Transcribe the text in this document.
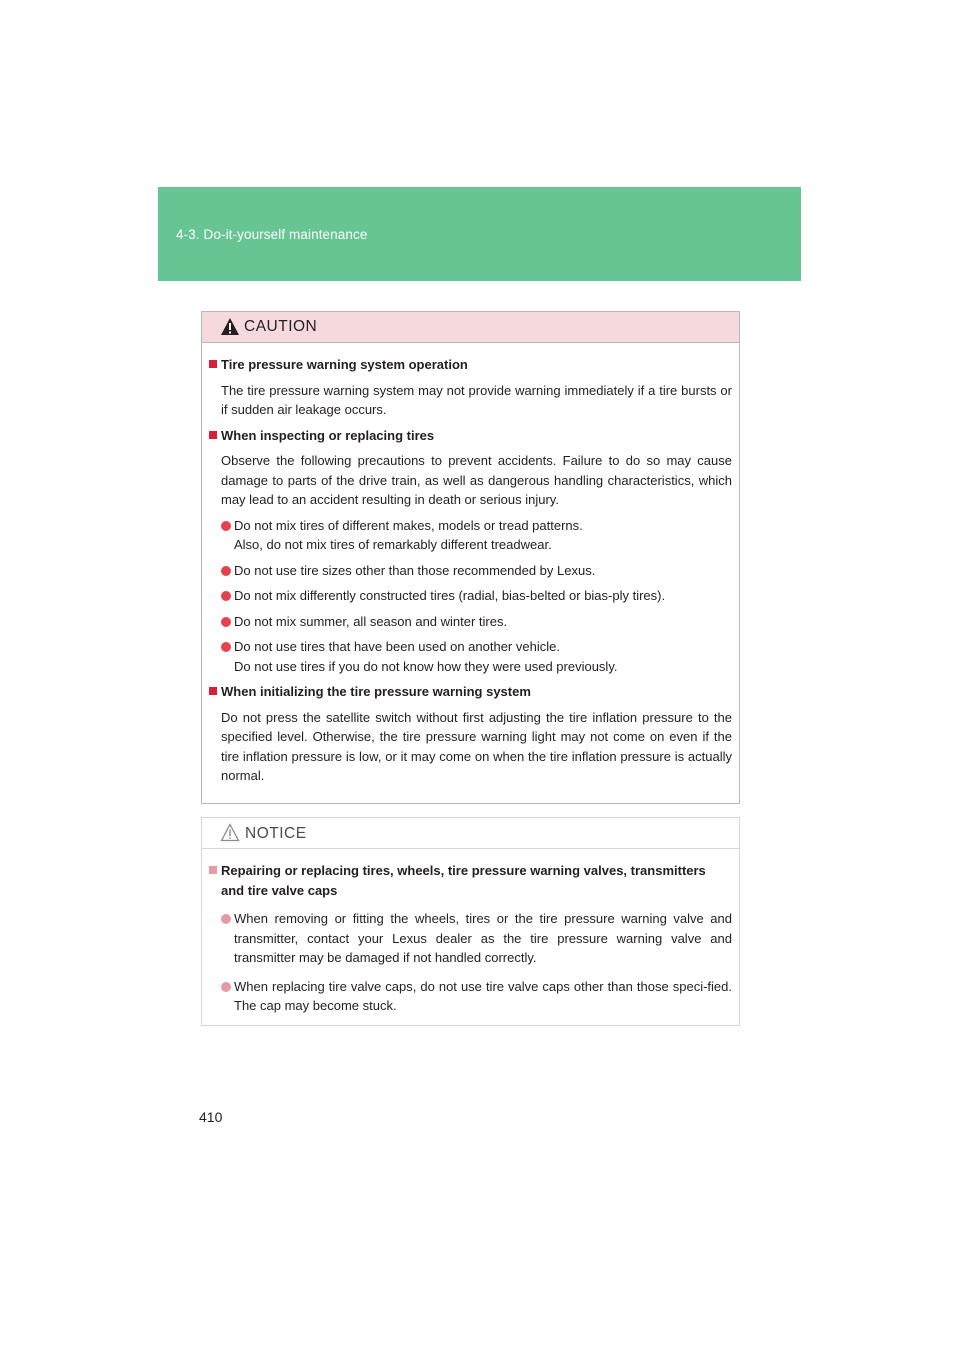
4-3. Do-it-yourself maintenance
CAUTION
Tire pressure warning system operation
The tire pressure warning system may not provide warning immediately if a tire bursts or if sudden air leakage occurs.
When inspecting or replacing tires
Observe the following precautions to prevent accidents. Failure to do so may cause damage to parts of the drive train, as well as dangerous handling characteristics, which may lead to an accident resulting in death or serious injury.
Do not mix tires of different makes, models or tread patterns.
Also, do not mix tires of remarkably different treadwear.
Do not use tire sizes other than those recommended by Lexus.
Do not mix differently constructed tires (radial, bias-belted or bias-ply tires).
Do not mix summer, all season and winter tires.
Do not use tires that have been used on another vehicle.
Do not use tires if you do not know how they were used previously.
When initializing the tire pressure warning system
Do not press the satellite switch without first adjusting the tire inflation pressure to the specified level. Otherwise, the tire pressure warning light may not come on even if the tire inflation pressure is low, or it may come on when the tire inflation pressure is actually normal.
NOTICE
Repairing or replacing tires, wheels, tire pressure warning valves, transmitters and tire valve caps
When removing or fitting the wheels, tires or the tire pressure warning valve and transmitter, contact your Lexus dealer as the tire pressure warning valve and transmitter may be damaged if not handled correctly.
When replacing tire valve caps, do not use tire valve caps other than those speci-fied. The cap may become stuck.
410
